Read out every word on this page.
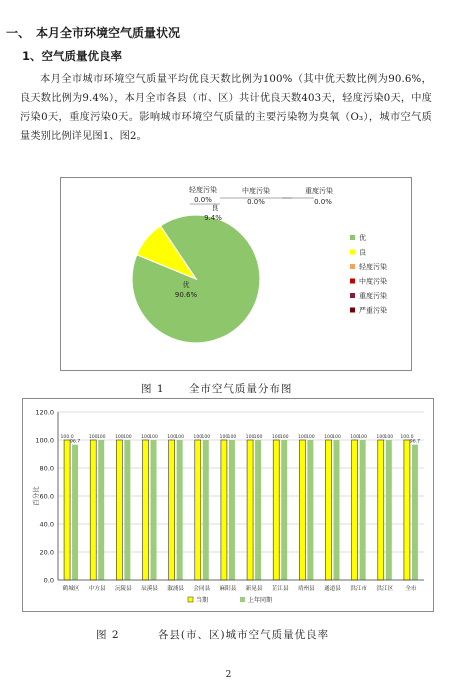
一、 本月全市环境空气质量状况
1、空气质量优良率
本月全市城市环境空气质量平均优良天数比例为100%（其中优天数比例为90.6%，良天数比例为9.4%），本月全市各县（市、区）共计优良天数403天，轻度污染0天，中度污染0天，重度污染0天。影响城市环境空气质量的主要污染物为臭氧（O₃），城市空气质量类别比例详见图1、图2。
优
90.6%
良
9.4%
轻度污染
0.0%
中度污染
0.0%
重度污染
0.0%
优
良
轻度污染
中度污染
重度污染
严重污染
图 1 全市空气质量分布图
100.0
96.7
100 100 100 100 100 100 100 100 100 100 100 100 100 100 100 100 100 100 100 100 100 100 100 100 100.0
96.7
0.0
20.0
40.0
60.0
80.0
100.0
120.0
百分比
鹤城区 中方县 沅陵县 辰溪县 溆浦县 会同县 麻阳县 新晃县 芷江县 靖州县 通道县 洪江市 洪江区 全市
当期	上年同期
图 2	各县(市、区)城市空气质量优良率
2
